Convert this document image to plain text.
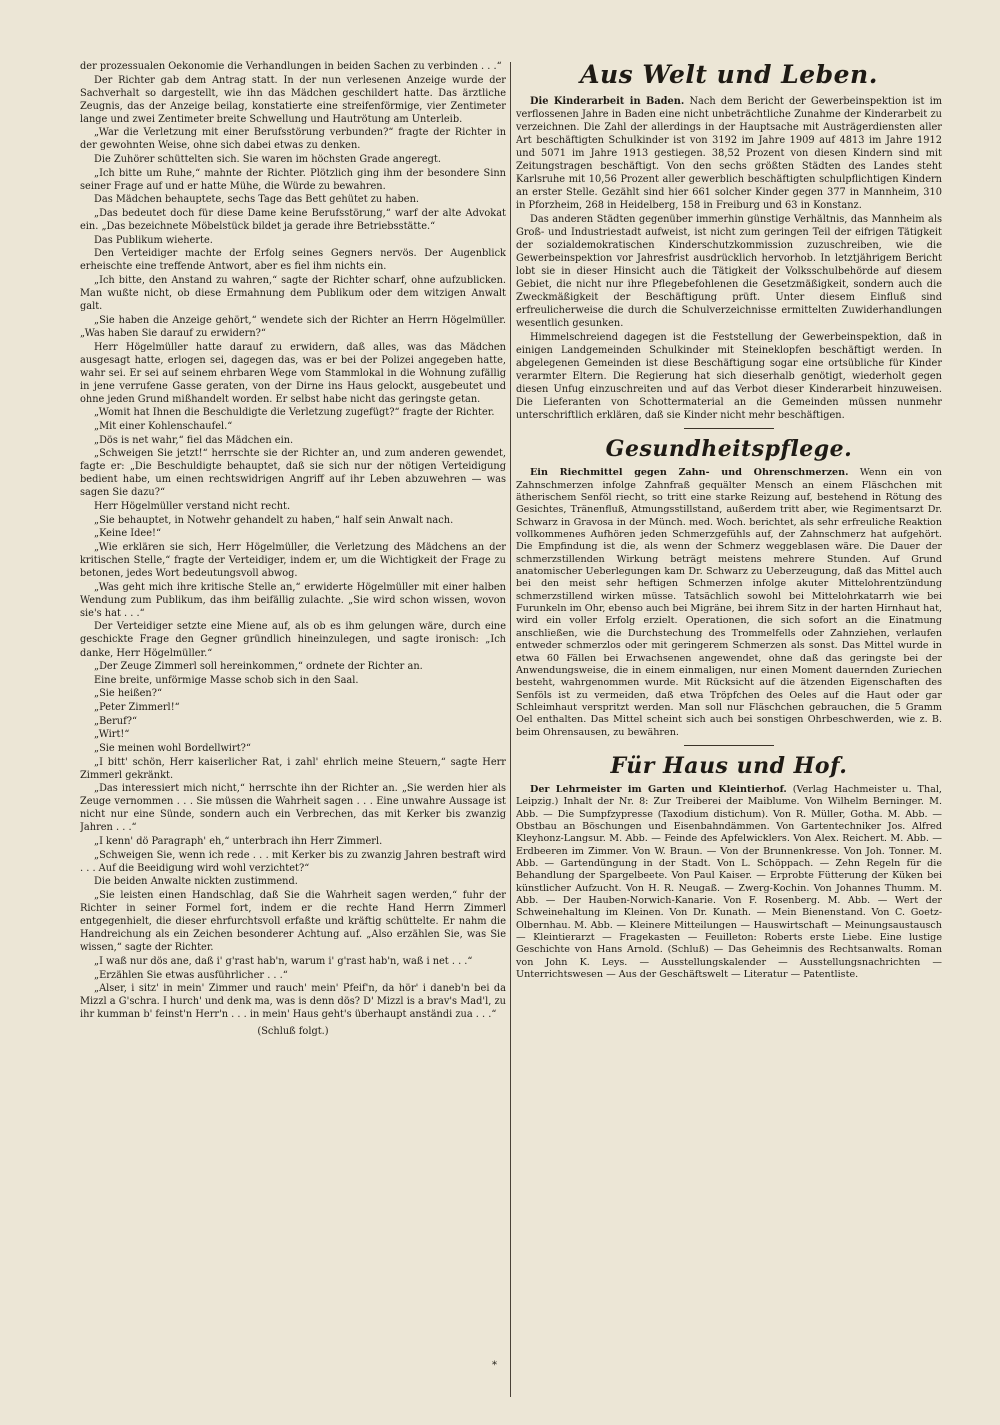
der prozessualen Oekonomie die Verhandlungen in beiden Sachen zu verbinden . . .“

Der Richter gab dem Antrag statt. In der nun verlesenen Anzeige wurde der Sachverhalt so dargestellt, wie ihn das Mädchen geschildert hatte. Das ärztliche Zeugnis, das der Anzeige beilag, konstatierte eine streifenförmige, vier Zentimeter lange und zwei Zentimeter breite Schwellung und Hautrötung am Unterleib.

„War die Verletzung mit einer Berufsstörung verbunden?“ fragte der Richter in der gewohnten Weise, ohne sich dabei etwas zu denken.

Die Zuhörer schüttelten sich. Sie waren im höchsten Grade angeregt.

„Ich bitte um Ruhe,“ mahnte der Richter. Plötzlich ging ihm der besondere Sinn seiner Frage auf und er hatte Mühe, die Würde zu bewahren.

Das Mädchen behauptete, sechs Tage das Bett gehütet zu haben.

„Das bedeutet doch für diese Dame keine Berufsstörung,“ warf der alte Advokat ein. „Das bezeichnete Möbelstück bildet ja gerade ihre Betriebsstätte.“

Das Publikum wieherte.

Den Verteidiger machte der Erfolg seines Gegners nervös. Der Augenblick erheischte eine treffende Antwort, aber es fiel ihm nichts ein.

„Ich bitte, den Anstand zu wahren,“ sagte der Richter scharf, ohne aufzublicken. Man wußte nicht, ob diese Ermahnung dem Publikum oder dem witzigen Anwalt galt.

„Sie haben die Anzeige gehört,“ wendete sich der Richter an Herrn Högelmüller. „Was haben Sie darauf zu erwidern?“

Herr Högelmüller hatte darauf zu erwidern, daß alles, was das Mädchen ausgesagt hatte, erlogen sei, dagegen das, was er bei der Polizei angegeben hatte, wahr sei. Er sei auf seinem ehrbaren Wege vom Stammlokal in die Wohnung zufällig in jene verrufene Gasse geraten, von der Dirne ins Haus gelockt, ausgebeutet und ohne jeden Grund mißhandelt worden. Er selbst habe nicht das geringste getan.

„Womit hat Ihnen die Beschuldigte die Verletzung zugefügt?“ fragte der Richter.

„Mit einer Kohlenschaufel.“

„Dös is net wahr,“ fiel das Mädchen ein.

„Schweigen Sie jetzt!“ herrschte sie der Richter an, und zum anderen gewendet, fagte er: „Die Beschuldigte behauptet, daß sie sich nur der nötigen Verteidigung bedient habe, um einen rechtswidrigen Angriff auf ihr Leben abzuwehren — was sagen Sie dazu?“

Herr Högelmüller verstand nicht recht.

„Sie behauptet, in Notwehr gehandelt zu haben,“ half sein Anwalt nach.

„Keine Idee!“

„Wie erklären sie sich, Herr Högelmüller, die Verletzung des Mädchens an der kritischen Stelle,“ fragte der Verteidiger, indem er, um die Wichtigkeit der Frage zu betonen, jedes Wort bedeutungsvoll abwog.

„Was geht mich ihre kritische Stelle an,“ erwiderte Högelmüller mit einer halben Wendung zum Publikum, das ihm beifällig zulachte. „Sie wird schon wissen, wovon sie's hat . . .“

Der Verteidiger setzte eine Miene auf, als ob es ihm gelungen wäre, durch eine geschickte Frage den Gegner gründlich hineinzulegen, und sagte ironisch: „Ich danke, Herr Högelmüller.“

„Der Zeuge Zimmerl soll hereinkommen,“ ordnete der Richter an.

Eine breite, unförmige Masse schob sich in den Saal.

„Sie heißen?“

„Peter Zimmerl!“

„Beruf?“

„Wirt!“

„Sie meinen wohl Bordellwirt?“

„I bitt' schön, Herr kaiserlicher Rat, i zahl' ehrlich meine Steuern,“ sagte Herr Zimmerl gekränkt.

„Das interessiert mich nicht,“ herrschte ihn der Richter an. „Sie werden hier als Zeuge vernommen . . . Sie müssen die Wahrheit sagen . . . Eine unwahre Aussage ist nicht nur eine Sünde, sondern auch ein Verbrechen, das mit Kerker bis zwanzig Jahren . . .“

„I kenn' dö Paragraph' eh,“ unterbrach ihn Herr Zimmerl.

„Schweigen Sie, wenn ich rede . . . mit Kerker bis zu zwanzig Jahren bestraft wird . . . Auf die Beeidigung wird wohl verzichtet?“

Die beiden Anwalte nickten zustimmend.

„Sie leisten einen Handschlag, daß Sie die Wahrheit sagen werden,“ fuhr der Richter in seiner Formel fort, indem er die rechte Hand Herrn Zimmerl entgegenhielt, die dieser ehrfurchtsvoll erfaßte und kräftig schüttelte. Er nahm die Handreichung als ein Zeichen besonderer Achtung auf. „Also erzählen Sie, was Sie wissen,“ sagte der Richter.

„I waß nur dös ane, daß i' g'rast hab'n, warum i' g'rast hab'n, waß i net . . .“

„Erzählen Sie etwas ausführlicher . . .“

„Alser, i sitz' in mein' Zimmer und rauch' mein' Pfeif'n, da hör' i daneb'n bei da Mizzl a G'schra. I hurch' und denk ma, was is denn dös? D' Mizzl is a brav's Mad'l, zu ihr kumman b' feinst'n Herr'n . . . in mein' Haus geht's überhaupt anständi zua . . .“

(Schluß folgt.)

Aus Welt und Leben.

Die Kinderarbeit in Baden. Nach dem Bericht der Gewerbeinspektion ist im verflossenen Jahre in Baden eine nicht unbeträchtliche Zunahme der Kinderarbeit zu verzeichnen. Die Zahl der allerdings in der Hauptsache mit Austrägerdiensten aller Art beschäftigten Schulkinder ist von 3192 im Jahre 1909 auf 4813 im Jahre 1912 und 5071 im Jahre 1913 gestiegen. 38,52 Prozent von diesen Kindern sind mit Zeitungstragen beschäftigt. Von den sechs größten Städten des Landes steht Karlsruhe mit 10,56 Prozent aller gewerblich beschäftigten schulpflichtigen Kindern an erster Stelle. Gezählt sind hier 661 solcher Kinder gegen 377 in Mannheim, 310 in Pforzheim, 268 in Heidelberg, 158 in Freiburg und 63 in Konstanz.

Das anderen Städten gegenüber immerhin günstige Verhältnis, das Mannheim als Groß- und Industriestadt aufweist, ist nicht zum geringen Teil der eifrigen Tätigkeit der sozialdemokratischen Kinderschutzkommission zuzuschreiben, wie die Gewerbeinspektion vor Jahresfrist ausdrücklich hervorhob. In letztjährigem Bericht lobt sie in dieser Hinsicht auch die Tätigkeit der Volksschulbehörde auf diesem Gebiet, die nicht nur ihre Pflegebefohlenen die Gesetzmäßigkeit, sondern auch die Zweckmäßigkeit der Beschäftigung prüft. Unter diesem Einfluß sind erfreulicherweise die durch die Schulverzeichnisse ermittelten Zuwiderhandlungen wesentlich gesunken.

Himmelschreiend dagegen ist die Feststellung der Gewerbeinspektion, daß in einigen Landgemeinden Schulkinder mit Steineklopfen beschäftigt werden. In abgelegenen Gemeinden ist diese Beschäftigung sogar eine ortsübliche für Kinder verarmter Eltern. Die Regierung hat sich dieserhalb genötigt, wiederholt gegen diesen Unfug einzuschreiten und auf das Verbot dieser Kinderarbeit hinzuweisen. Die Lieferanten von Schottermaterial an die Gemeinden müssen nunmehr unterschriftlich erklären, daß sie Kinder nicht mehr beschäftigen.

Gesundheitspflege.

Ein Riechmittel gegen Zahn- und Ohrenschmerzen. Wenn ein von Zahnschmerzen infolge Zahnfraß gequälter Mensch an einem Fläschchen mit ätherischem Senföl riecht, so tritt eine starke Reizung auf, bestehend in Rötung des Gesichtes, Tränenfluß, Atmungsstillstand, außerdem tritt aber, wie Regimentsarzt Dr. Schwarz in Gravosa in der Münch. med. Woch. berichtet, als sehr erfreuliche Reaktion vollkommenes Aufhören jeden Schmerzgefühls auf, der Zahnschmerz hat aufgehört. Die Empfindung ist die, als wenn der Schmerz weggeblasen wäre. Die Dauer der schmerzstillenden Wirkung beträgt meistens mehrere Stunden. Auf Grund anatomischer Ueberlegungen kam Dr. Schwarz zu Ueberzeugung, daß das Mittel auch bei den meist sehr heftigen Schmerzen infolge akuter Mittelohrentzündung schmerzstillend wirken müsse. Tatsächlich sowohl bei Mittelohrkatarrh wie bei Furunkeln im Ohr, ebenso auch bei Migräne, bei ihrem Sitz in der harten Hirnhaut hat, wird ein voller Erfolg erzielt. Operationen, die sich sofort an die Einatmung anschließen, wie die Durchstechung des Trommelfells oder Zahnziehen, verlaufen entweder schmerzlos oder mit geringerem Schmerzen als sonst. Das Mittel wurde in etwa 60 Fällen bei Erwachsenen angewendet, ohne daß das geringste bei der Anwendungsweise, die in einem einmaligen, nur einen Moment dauernden Zuriechen besteht, wahrgenommen wurde. Mit Rücksicht auf die ätzenden Eigenschaften des Senföls ist zu vermeiden, daß etwa Tröpfchen des Oeles auf die Haut oder gar Schleimhaut verspritzt werden. Man soll nur Fläschchen gebrauchen, die 5 Gramm Oel enthalten. Das Mittel scheint sich auch bei sonstigen Ohrbeschwerden, wie z. B. beim Ohrensausen, zu bewähren.

Für Haus und Hof.

Der Lehrmeister im Garten und Kleintierhof. (Verlag Hachmeister u. Thal, Leipzig.) Inhalt der Nr. 8: Zur Treiberei der Maiblume. Von Wilhelm Berninger. M. Abb. — Die Sumpfzypresse (Taxodium distichum). Von R. Müller, Gotha. M. Abb. — Obstbau an Böschungen und Eisenbahndämmen. Von Gartentechniker Jos. Alfred Kleyhonz-Langsur. M. Abb. — Feinde des Apfelwicklers. Von Alex. Reichert. M. Abb. — Erdbeeren im Zimmer. Von W. Braun. — Von der Brunnenkresse. Von Joh. Tonner. M. Abb. — Gartendüngung in der Stadt. Von L. Schöppach. — Zehn Regeln für die Behandlung der Spargelbeete. Von Paul Kaiser. — Erprobte Fütterung der Küken bei künstlicher Aufzucht. Von H. R. Neugaß. — Zwerg-Kochin. Von Johannes Thumm. M. Abb. — Der Hauben-Norwich-Kanarie. Von F. Rosenberg. M. Abb. — Wert der Schweinehaltung im Kleinen. Von Dr. Kunath. — Mein Bienenstand. Von C. Goetz-Olbernhau. M. Abb. — Kleinere Mitteilungen — Hauswirtschaft — Meinungsaustausch — Kleintierarzt — Fragekasten — Feuilleton: Roberts erste Liebe. Eine lustige Geschichte von Hans Arnold. (Schluß) — Das Geheimnis des Rechtsanwalts. Roman von John K. Leys. — Ausstellungskalender — Ausstellungsnachrichten — Unterrichtswesen — Aus der Geschäftswelt — Literatur — Patentliste.

*
